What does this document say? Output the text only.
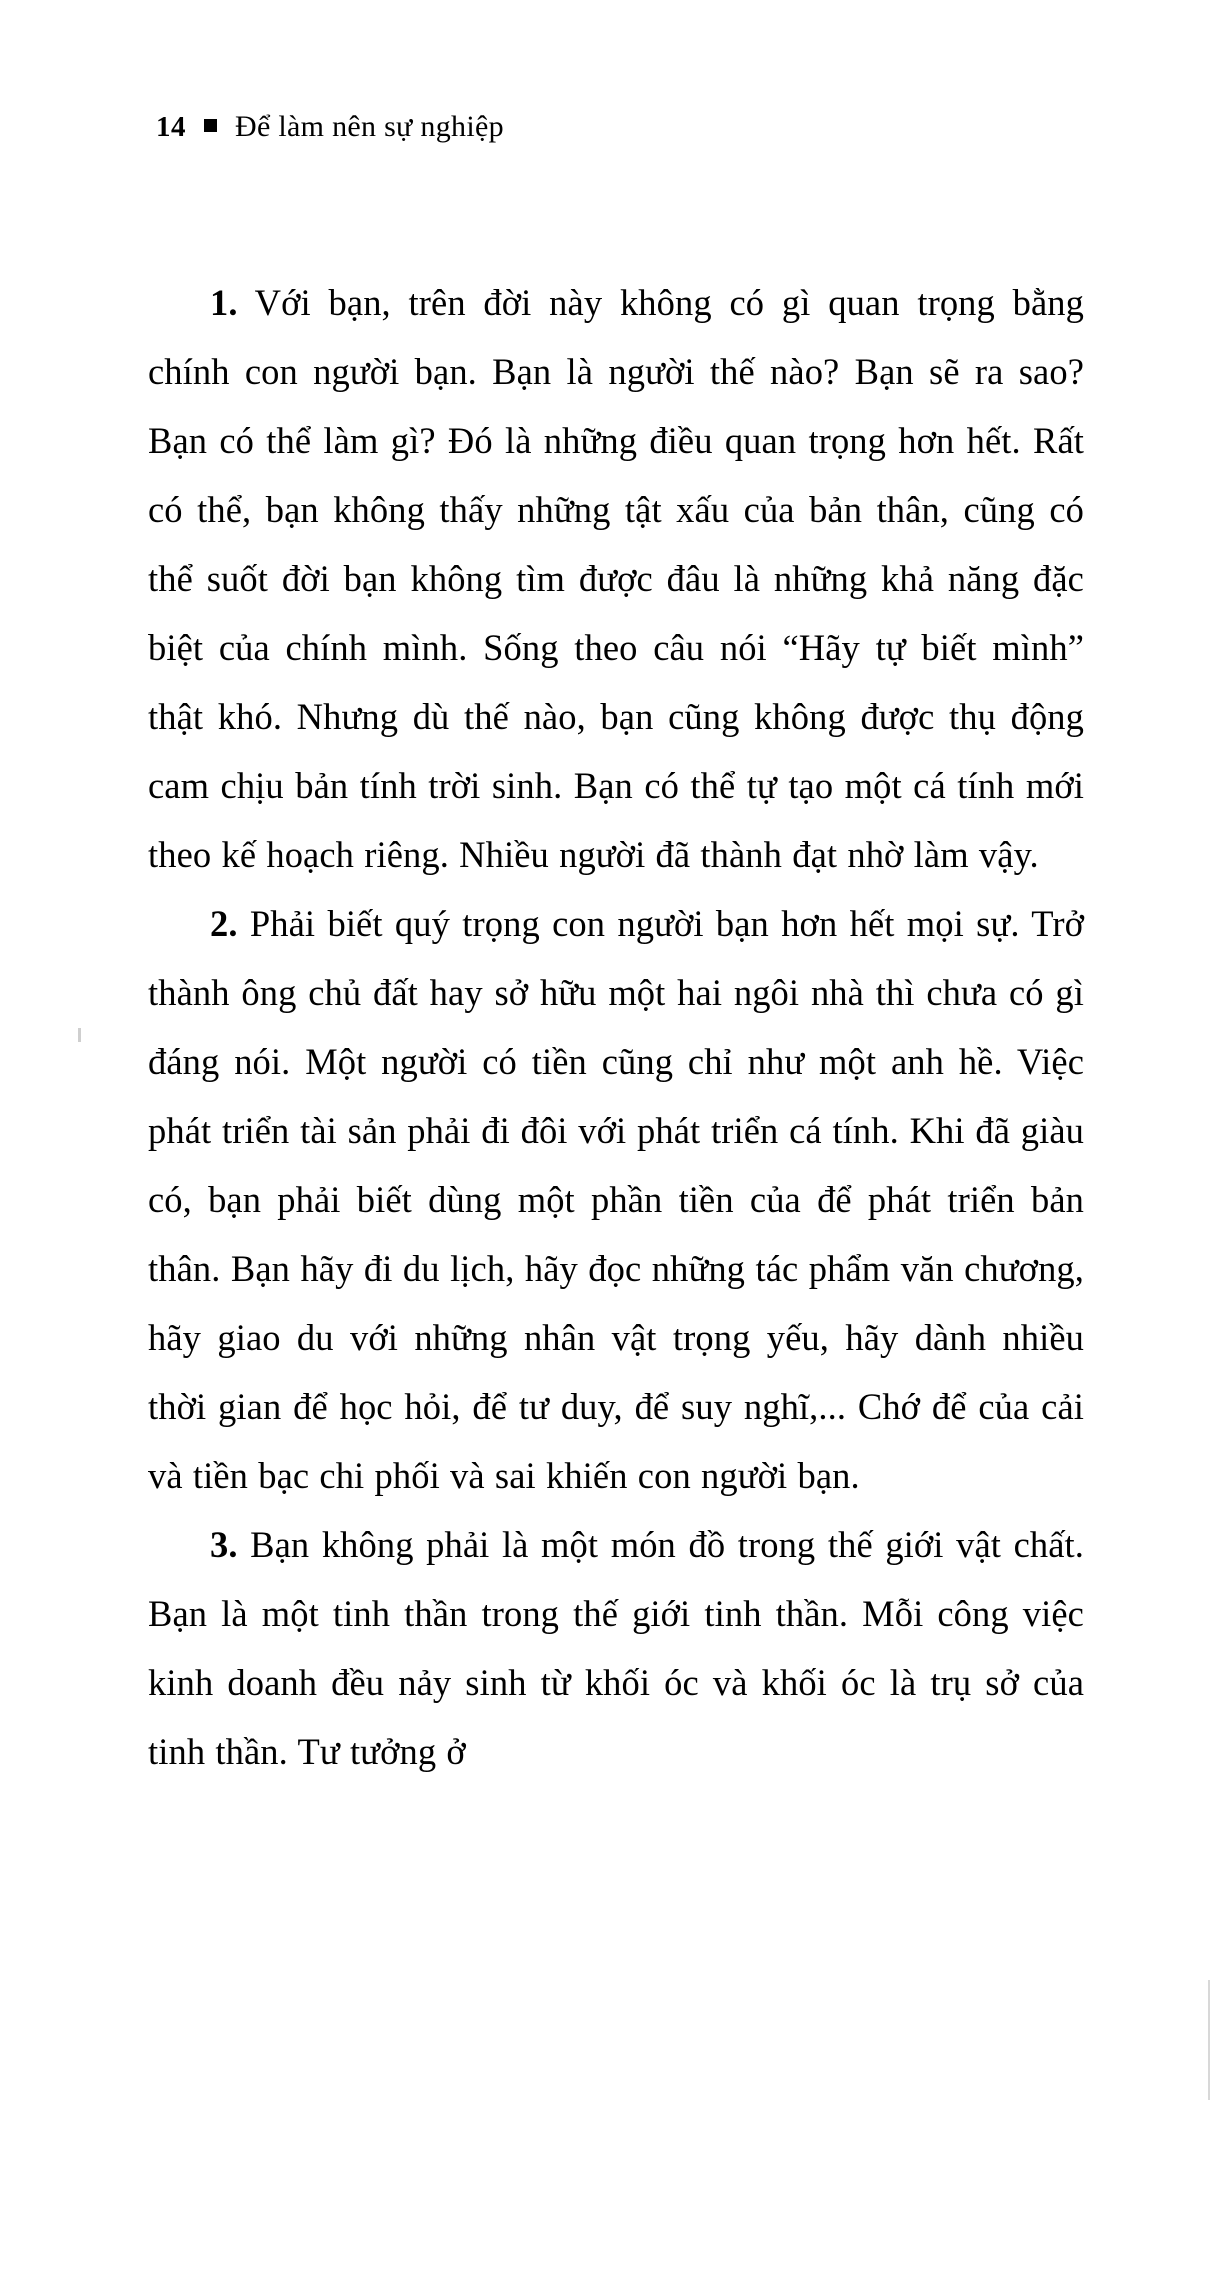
14 Để làm nên sự nghiệp

1. Với bạn, trên đời này không có gì quan trọng bằng chính con người bạn. Bạn là người thế nào? Bạn sẽ ra sao? Bạn có thể làm gì? Đó là những điều quan trọng hơn hết. Rất có thể, bạn không thấy những tật xấu của bản thân, cũng có thể suốt đời bạn không tìm được đâu là những khả năng đặc biệt của chính mình. Sống theo câu nói “Hãy tự biết mình” thật khó. Nhưng dù thế nào, bạn cũng không được thụ động cam chịu bản tính trời sinh. Bạn có thể tự tạo một cá tính mới theo kế hoạch riêng. Nhiều người đã thành đạt nhờ làm vậy.

2. Phải biết quý trọng con người bạn hơn hết mọi sự. Trở thành ông chủ đất hay sở hữu một hai ngôi nhà thì chưa có gì đáng nói. Một người có tiền cũng chỉ như một anh hề. Việc phát triển tài sản phải đi đôi với phát triển cá tính. Khi đã giàu có, bạn phải biết dùng một phần tiền của để phát triển bản thân. Bạn hãy đi du lịch, hãy đọc những tác phẩm văn chương, hãy giao du với những nhân vật trọng yếu, hãy dành nhiều thời gian để học hỏi, để tư duy, để suy nghĩ,... Chớ để của cải và tiền bạc chi phối và sai khiến con người bạn.

3. Bạn không phải là một món đồ trong thế giới vật chất. Bạn là một tinh thần trong thế giới tinh thần. Mỗi công việc kinh doanh đều nảy sinh từ khối óc và khối óc là trụ sở của tinh thần. Tư tưởng ở
